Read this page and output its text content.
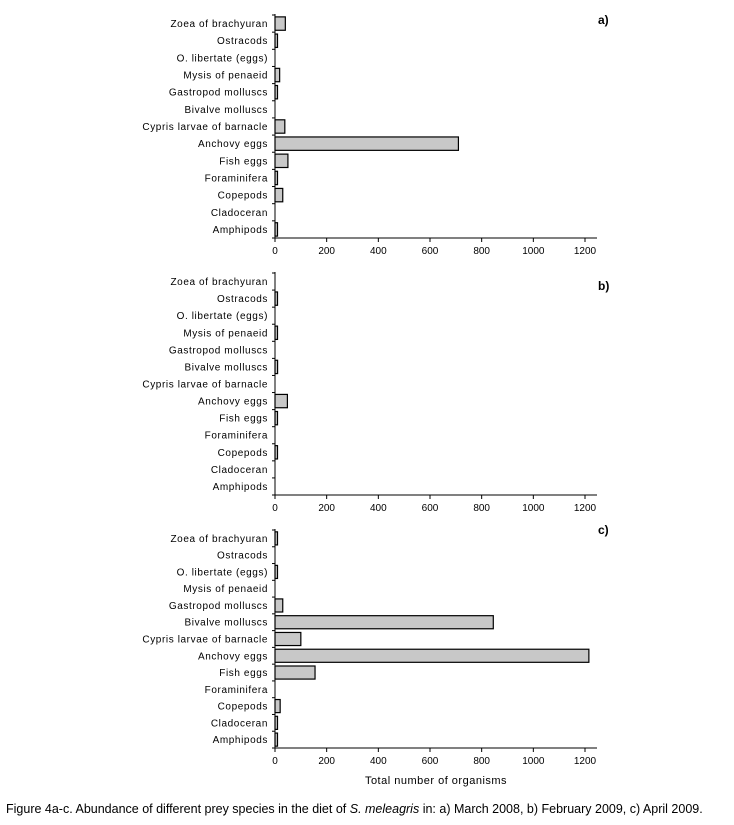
Zoea of brachyuran
Ostracods
O. libertate (eggs)
Mysis of penaeid
Gastropod molluscs
Bivalve molluscs
Cypris larvae of barnacle
Anchovy eggs
Fish eggs
Foraminifera
Copepods
Cladoceran
Amphipods
0	200	400	600	800	1000	1200
a)
Zoea of brachyuran
Ostracods
O. libertate (eggs)
Mysis of penaeid
Gastropod molluscs
Bivalve molluscs
Cypris larvae of barnacle
Anchovy eggs
Fish eggs
Foraminifera
Copepods
Cladoceran
Amphipods
0	200	400	600	800	1000	1200
b)
Zoea of brachyuran
Ostracods
O. libertate (eggs)
Mysis of penaeid
Gastropod molluscs
Bivalve molluscs
Cypris larvae of barnacle
Anchovy eggs
Fish eggs
Foraminifera
Copepods
Cladoceran
Amphipods
0	200	400	600	800	1000	1200
c)
Total number of organisms
Figure 4a-c. Abundance of different prey species in the diet of S. meleagris in: a) March 2008, b) February 2009, c) April 2009.
